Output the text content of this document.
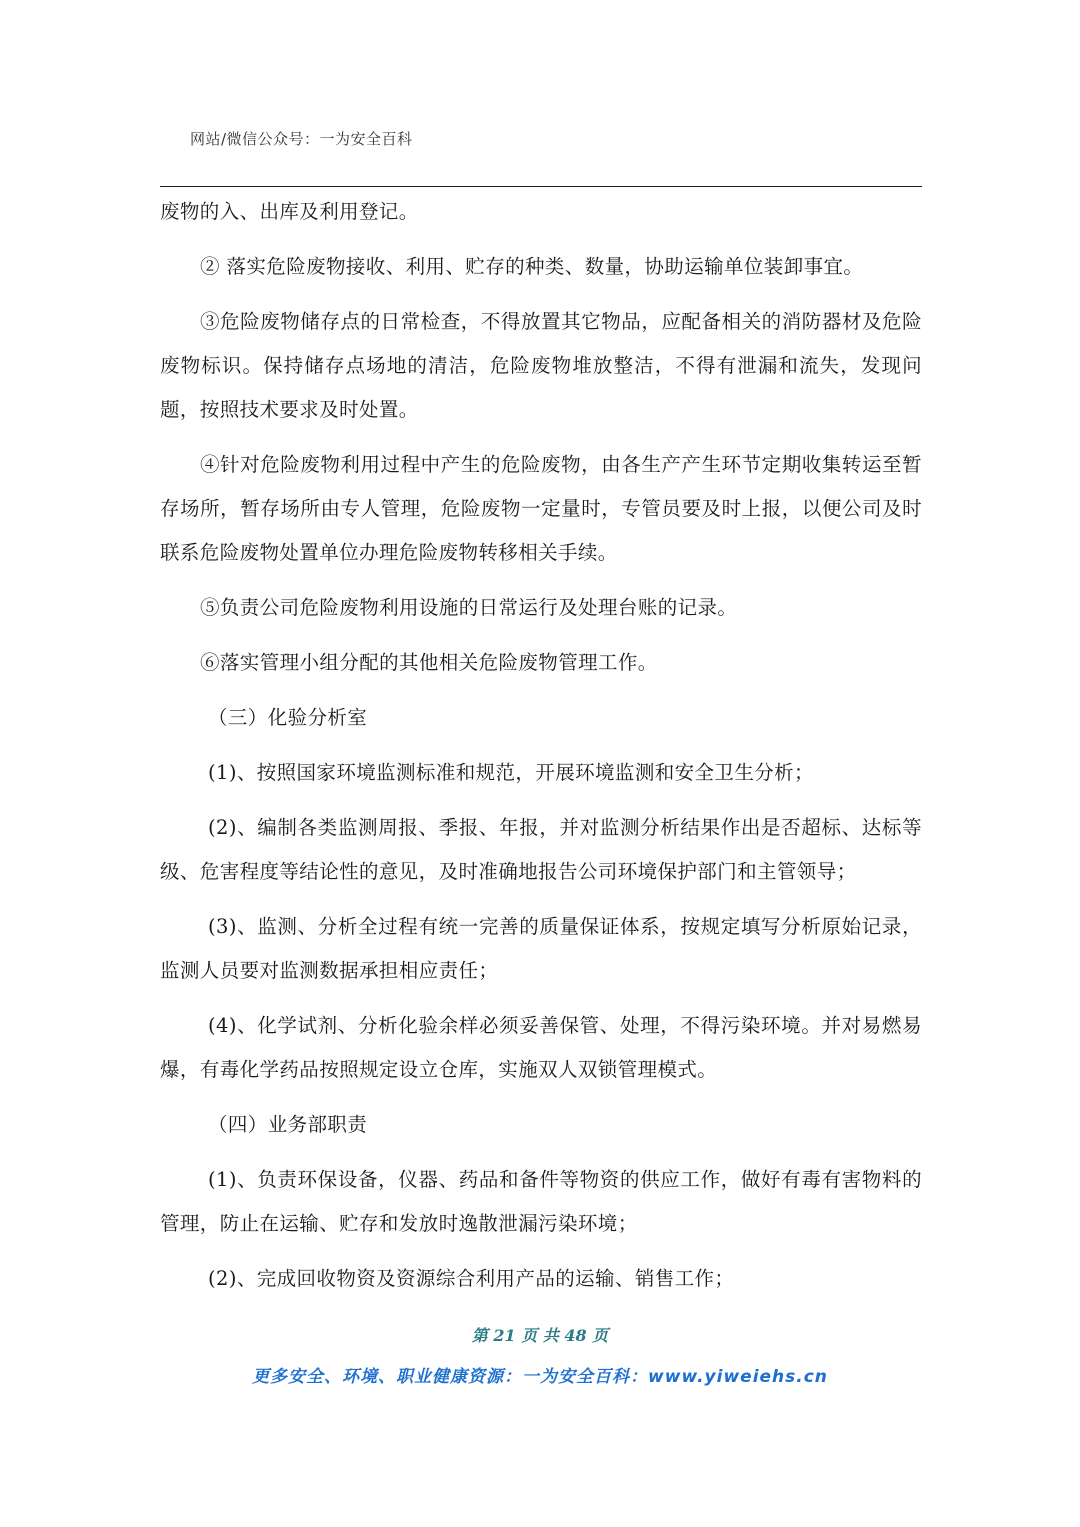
网站/微信公众号：一为安全百科

废物的入、出库及利用登记。

② 落实危险废物接收、利用、贮存的种类、数量，协助运输单位装卸事宜。

③危险废物储存点的日常检查，不得放置其它物品，应配备相关的消防器材及危险废物标识。保持储存点场地的清洁，危险废物堆放整洁，不得有泄漏和流失，发现问题，按照技术要求及时处置。

④针对危险废物利用过程中产生的危险废物，由各生产产生环节定期收集转运至暂存场所，暂存场所由专人管理，危险废物一定量时，专管员要及时上报，以便公司及时联系危险废物处置单位办理危险废物转移相关手续。

⑤负责公司危险废物利用设施的日常运行及处理台账的记录。

⑥落实管理小组分配的其他相关危险废物管理工作。

（三）化验分析室

(1)、按照国家环境监测标准和规范，开展环境监测和安全卫生分析；

(2)、编制各类监测周报、季报、年报，并对监测分析结果作出是否超标、达标等级、危害程度等结论性的意见，及时准确地报告公司环境保护部门和主管领导；

(3)、监测、分析全过程有统一完善的质量保证体系，按规定填写分析原始记录，监测人员要对监测数据承担相应责任；

(4)、化学试剂、分析化验余样必须妥善保管、处理，不得污染环境。并对易燃易爆，有毒化学药品按照规定设立仓库，实施双人双锁管理模式。

（四）业务部职责

(1)、负责环保设备，仪器、药品和备件等物资的供应工作，做好有毒有害物料的管理，防止在运输、贮存和发放时逸散泄漏污染环境；

(2)、完成回收物资及资源综合利用产品的运输、销售工作；

第 21 页 共 48 页
更多安全、环境、职业健康资源：一为安全百科：www.yiweiehs.cn
